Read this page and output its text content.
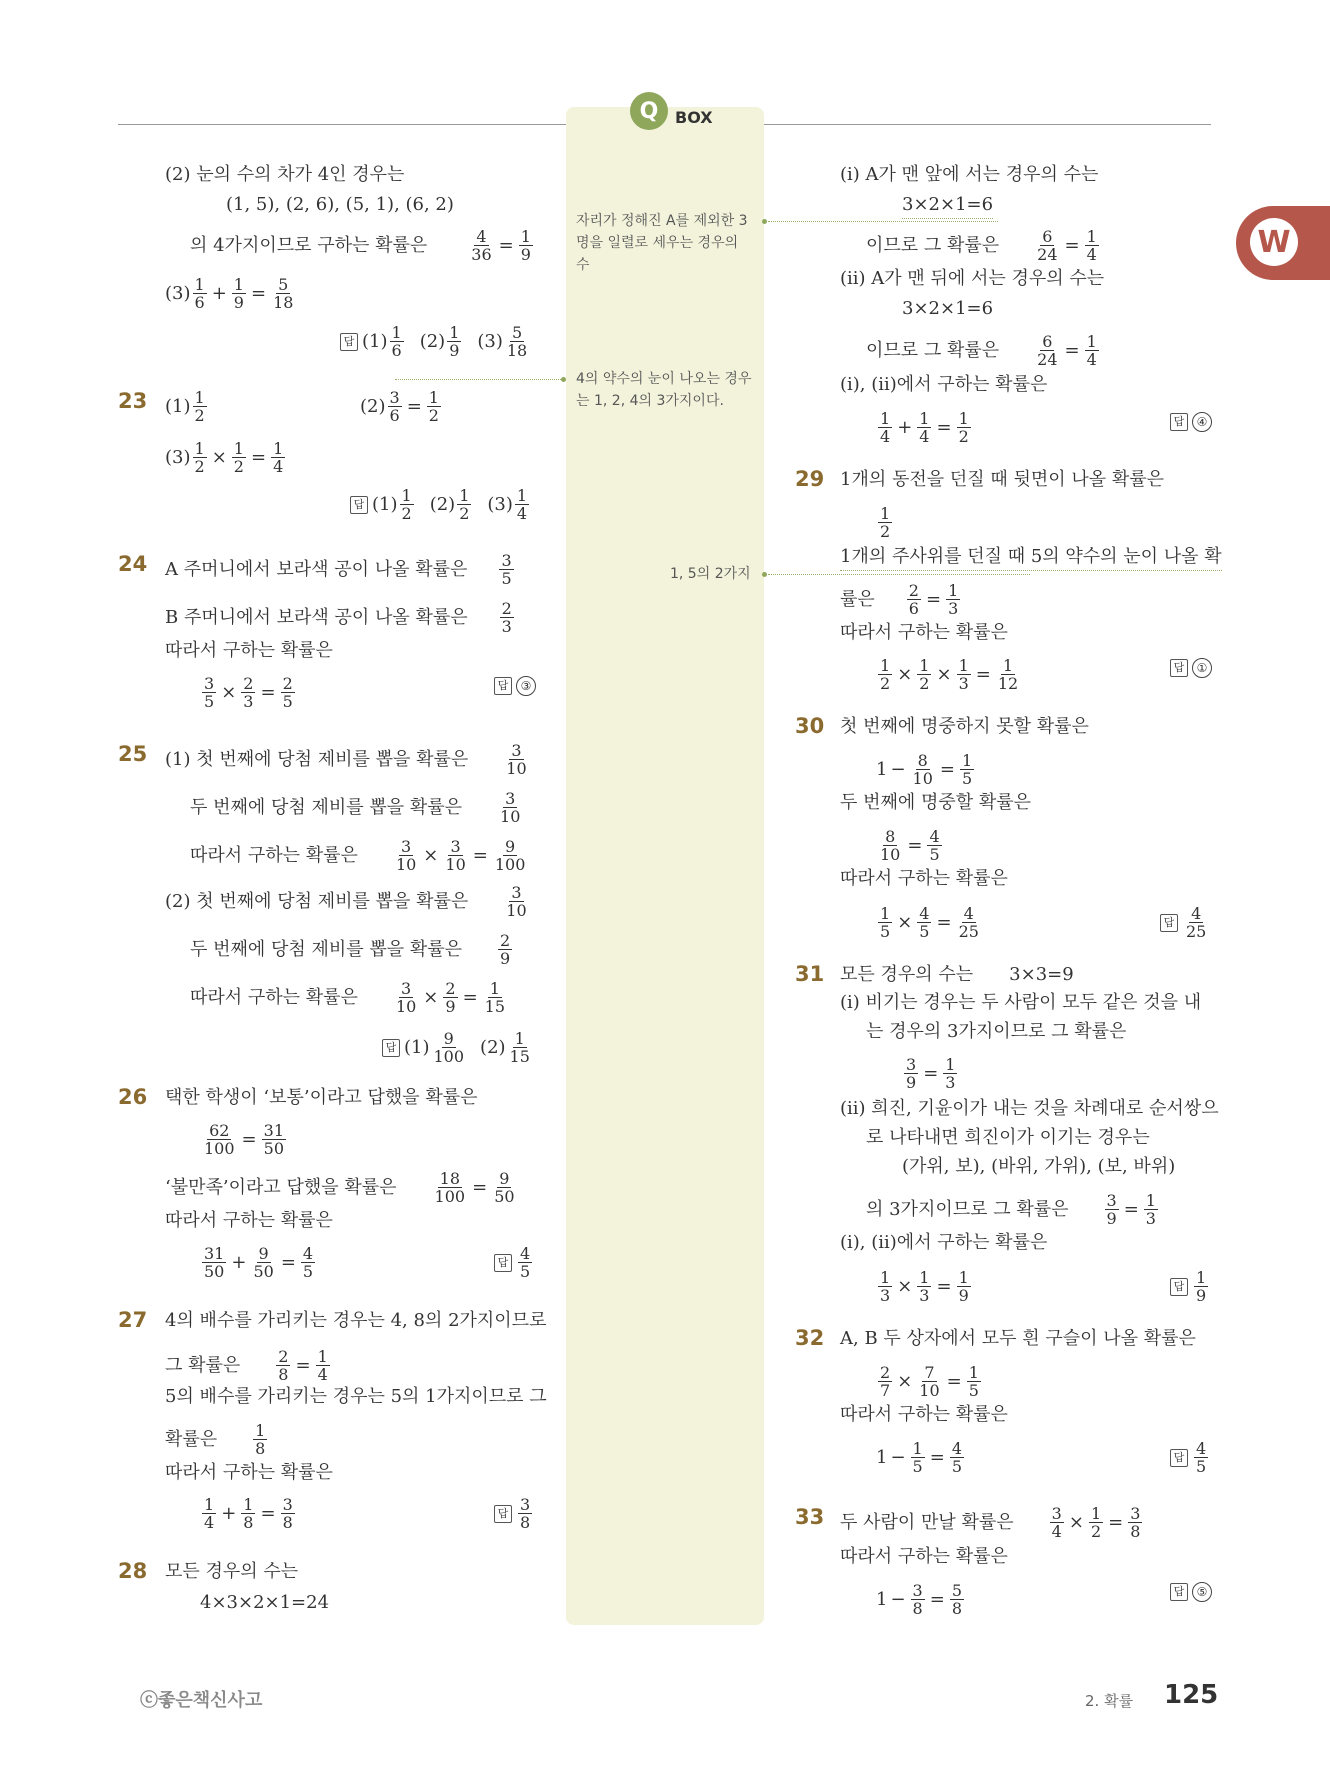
Q	BOX
W
자리가 정해진 A를 제외한 3명을 일렬로 세우는 경우의 수
4의 약수의 눈이 나오는 경우는 1, 2, 4의 3가지이다.
1, 5의 2가지
(2) 눈의 수의 차가 4인 경우는
(1, 5), (2, 6), (5, 1), (6, 2)
의 4가지이므로 구하는 확률은	$\frac{4}{36} = \frac{1}{9}$
$(3) \frac{1}{6} + \frac{1}{9} = \frac{5}{18}$
답 $(1) \frac{1}{6} (2) \frac{1}{9} (3) \frac{5}{18}$
23 $(1) \frac{1}{2}$	$(2) \frac{3}{6} = \frac{1}{2}$
$(3) \frac{1}{2} \times \frac{1}{2} = \frac{1}{4}$
답 $(1) \frac{1}{2} (2) \frac{1}{2} (3) \frac{1}{4}$
24 A 주머니에서 보라색 공이 나올 확률은 $\frac{3}{5}$
B 주머니에서 보라색 공이 나올 확률은 $\frac{2}{3}$
따라서 구하는 확률은
$\frac{3}{5} \times \frac{2}{3} = \frac{2}{5}$	답	③
25 (1) 첫 번째에 당첨 제비를 뽑을 확률은 $\frac{3}{10}$
두 번째에 당첨 제비를 뽑을 확률은 $\frac{3}{10}$
따라서 구하는 확률은 $\frac{3}{10} \times \frac{3}{10} = \frac{9}{100}$
(2) 첫 번째에 당첨 제비를 뽑을 확률은 $\frac{3}{10}$
두 번째에 당첨 제비를 뽑을 확률은 $\frac{2}{9}$
따라서 구하는 확률은 $\frac{3}{10} \times \frac{2}{9} = \frac{1}{15}$
답 $(1) \frac{9}{100} (2) \frac{1}{15}$
26 택한 학생이 ‘보통’이라고 답했을 확률은
$\frac{62}{100} = \frac{31}{50}$
‘불만족’이라고 답했을 확률은 $\frac{18}{100} = \frac{9}{50}$
따라서 구하는 확률은
$\frac{31}{50} + \frac{9}{50} = \frac{4}{5}$	답 $\frac{4}{5}$
27 4의 배수를 가리키는 경우는 4, 8의 2가지이므로
그 확률은 $\frac{2}{8} = \frac{1}{4}$
5의 배수를 가리키는 경우는 5의 1가지이므로 그
확률은 $\frac{1}{8}$
따라서 구하는 확률은
$\frac{1}{4} + \frac{1}{8} = \frac{3}{8}$	답 $\frac{3}{8}$
28 모든 경우의 수는
4×3×2×1=24
(ⅰ) A가 맨 앞에 서는 경우의 수는
3×2×1=6
이므로 그 확률은 $\frac{6}{24} = \frac{1}{4}$
(ⅱ) A가 맨 뒤에 서는 경우의 수는
3×2×1=6
이므로 그 확률은 $\frac{6}{24} = \frac{1}{4}$
(ⅰ), (ⅱ)에서 구하는 확률은
$\frac{1}{4} + \frac{1}{4} = \frac{1}{2}$	답	④
29 1개의 동전을 던질 때 뒷면이 나올 확률은
$\frac{1}{2}$
1개의 주사위를 던질 때 5의 약수의 눈이 나올 확
률은 $\frac{2}{6} = \frac{1}{3}$
따라서 구하는 확률은
$\frac{1}{2} \times \frac{1}{2} \times \frac{1}{3} = \frac{1}{12}$	답	①
30 첫 번째에 명중하지 못할 확률은
$1 - \frac{8}{10} = \frac{1}{5}$
두 번째에 명중할 확률은
$\frac{8}{10} = \frac{4}{5}$
따라서 구하는 확률은
$\frac{1}{5} \times \frac{4}{5} = \frac{4}{25}$	답 $\frac{4}{25}$
31 모든 경우의 수는 3×3=9
(ⅰ) 비기는 경우는 두 사람이 모두 같은 것을 내
는 경우의 3가지이므로 그 확률은
$\frac{3}{9} = \frac{1}{3}$
(ⅱ) 희진, 기윤이가 내는 것을 차례대로 순서쌍으
로 나타내면 희진이가 이기는 경우는
(가위, 보), (바위, 가위), (보, 바위)
의 3가지이므로 그 확률은 $\frac{3}{9} = \frac{1}{3}$
(ⅰ), (ⅱ)에서 구하는 확률은
$\frac{1}{3} \times \frac{1}{3} = \frac{1}{9}$	답 $\frac{1}{9}$
32 A, B 두 상자에서 모두 흰 구슬이 나올 확률은
$\frac{2}{7} \times \frac{7}{10} = \frac{1}{5}$
따라서 구하는 확률은
$1 - \frac{1}{5} = \frac{4}{5}$	답 $\frac{4}{5}$
33 두 사람이 만날 확률은 $\frac{3}{4} \times \frac{1}{2} = \frac{3}{8}$
따라서 구하는 확률은
$1 - \frac{3}{8} = \frac{5}{8}$	답	⑤
ⓒ좋은책신사고	2. 확률 125
